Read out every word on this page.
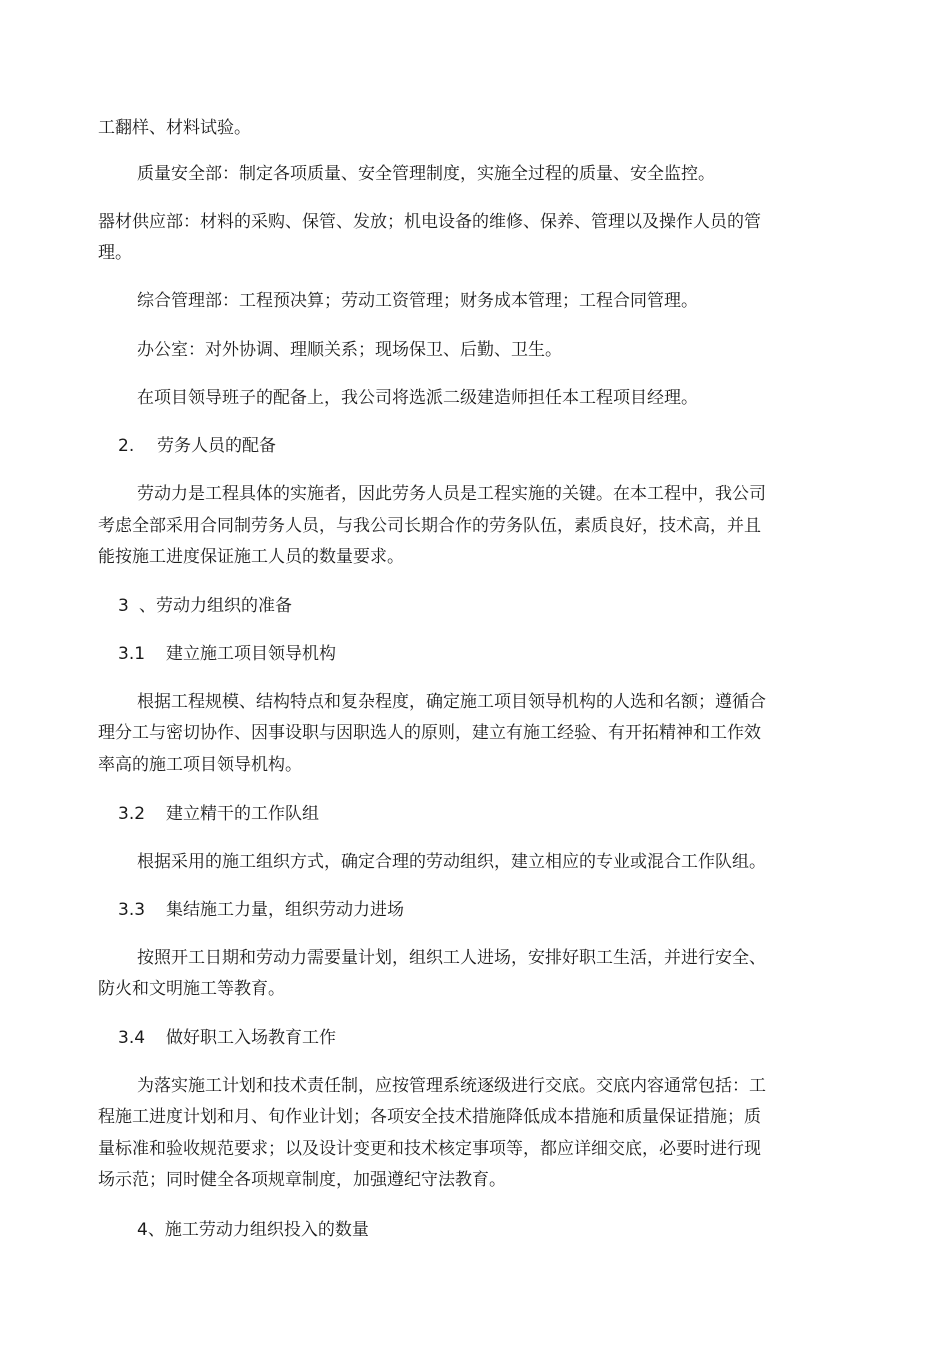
工翻样、材料试验。
质量安全部：制定各项质量、安全管理制度，实施全过程的质量、安全监控。
器材供应部：材料的采购、保管、发放；机电设备的维修、保养、管理以及操作人员的管
理。
综合管理部：工程预决算；劳动工资管理；财务成本管理；工程合同管理。
办公室：对外协调、理顺关系；现场保卫、后勤、卫生。
在项目领导班子的配备上，我公司将选派二级建造师担任本工程项目经理。
2. 劳务人员的配备
劳动力是工程具体的实施者，因此劳务人员是工程实施的关键。在本工程中，我公司
考虑全部采用合同制劳务人员，与我公司长期合作的劳务队伍，素质良好，技术高，并且
能按施工进度保证施工人员的数量要求。
3 、劳动力组织的准备
3.1 建立施工项目领导机构
根据工程规模、结构特点和复杂程度，确定施工项目领导机构的人选和名额；遵循合
理分工与密切协作、因事设职与因职选人的原则，建立有施工经验、有开拓精神和工作效
率高的施工项目领导机构。
3.2 建立精干的工作队组
根据采用的施工组织方式，确定合理的劳动组织，建立相应的专业或混合工作队组。
3.3 集结施工力量，组织劳动力进场
按照开工日期和劳动力需要量计划，组织工人进场，安排好职工生活，并进行安全、
防火和文明施工等教育。
3.4 做好职工入场教育工作
为落实施工计划和技术责任制，应按管理系统逐级进行交底。交底内容通常包括：工
程施工进度计划和月、旬作业计划；各项安全技术措施降低成本措施和质量保证措施；质
量标准和验收规范要求；以及设计变更和技术核定事项等，都应详细交底，必要时进行现
场示范；同时健全各项规章制度，加强遵纪守法教育。
4、施工劳动力组织投入的数量
